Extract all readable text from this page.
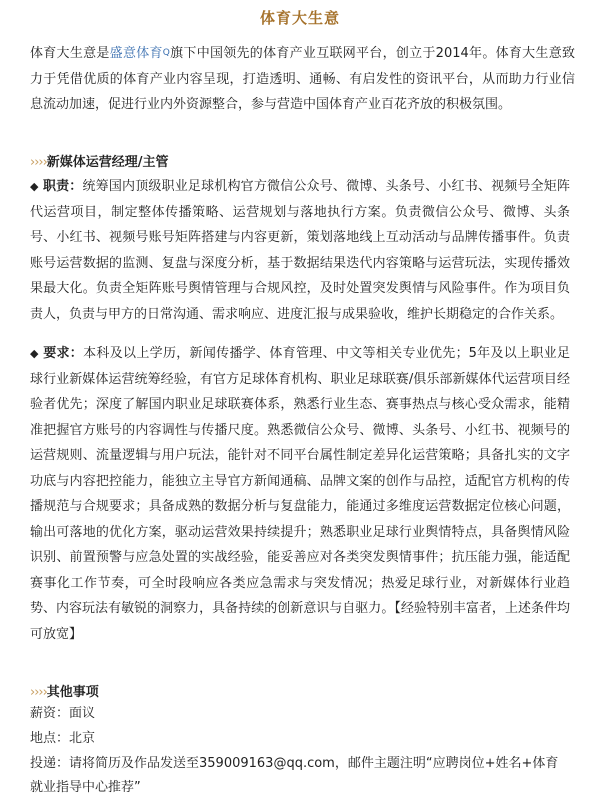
体育大生意
体育大生意是盛意体育$^Q$旗下中国领先的体育产业互联网平台，创立于2014年。体育大生意致力于凭借优质的体育产业内容呈现，打造透明、通畅、有启发性的资讯平台，从而助力行业信息流动加速，促进行业内外资源整合，参与营造中国体育产业百花齐放的积极氛围。
››››新媒体运营经理/主管
◆ 职责：统筹国内顶级职业足球机构官方微信公众号、微博、头条号、小红书、视频号全矩阵代运营项目，制定整体传播策略、运营规划与落地执行方案。负责微信公众号、微博、头条号、小红书、视频号账号矩阵搭建与内容更新，策划落地线上互动活动与品牌传播事件。负责账号运营数据的监测、复盘与深度分析，基于数据结果迭代内容策略与运营玩法，实现传播效果最大化。负责全矩阵账号舆情管理与合规风控，及时处置突发舆情与风险事件。作为项目负责人，负责与甲方的日常沟通、需求响应、进度汇报与成果验收，维护长期稳定的合作关系。
◆ 要求：本科及以上学历，新闻传播学、体育管理、中文等相关专业优先；5年及以上职业足球行业新媒体运营统筹经验，有官方足球体育机构、职业足球联赛/俱乐部新媒体代运营项目经验者优先；深度了解国内职业足球联赛体系，熟悉行业生态、赛事热点与核心受众需求，能精准把握官方账号的内容调性与传播尺度。熟悉微信公众号、微博、头条号、小红书、视频号的运营规则、流量逻辑与用户玩法，能针对不同平台属性制定差异化运营策略；具备扎实的文字功底与内容把控能力，能独立主导官方新闻通稿、品牌文案的创作与品控，适配官方机构的传播规范与合规要求；具备成熟的数据分析与复盘能力，能通过多维度运营数据定位核心问题，输出可落地的优化方案，驱动运营效果持续提升；熟悉职业足球行业舆情特点，具备舆情风险识别、前置预警与应急处置的实战经验，能妥善应对各类突发舆情事件；抗压能力强，能适配赛事化工作节奏，可全时段响应各类应急需求与突发情况；热爱足球行业，对新媒体行业趋势、内容玩法有敏锐的洞察力，具备持续的创新意识与自驱力。【经验特别丰富者，上述条件均可放宽】
››››其他事项
薪资：面议
地点：北京
投递：请将简历及作品发送至359009163@qq.com，邮件主题注明“应聘岗位+姓名+体育就业指导中心推荐”
